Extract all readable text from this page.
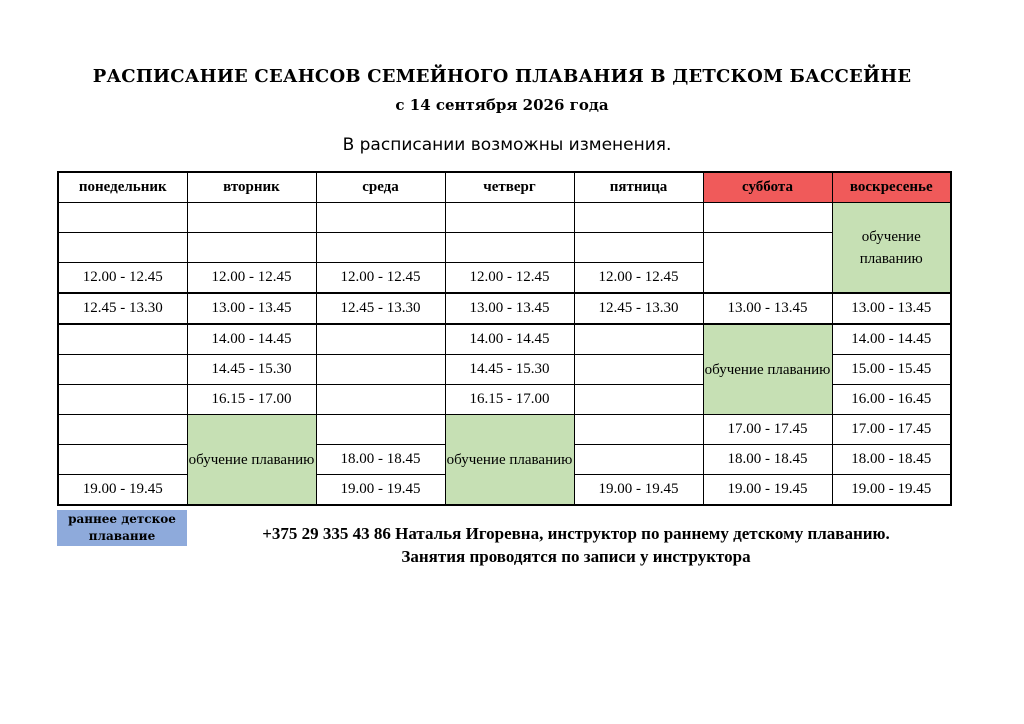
РАСПИСАНИЕ СЕАНСОВ СЕМЕЙНОГО ПЛАВАНИЯ В ДЕТСКОМ БАССЕЙНЕ
с 14 сентября 2026 года
В расписании возможны изменения.
понедельник	вторник	среда	четверг	пятница	суббота	воскресенье
						обучение плаванию

12.00 - 12.45	12.00 - 12.45	12.00 - 12.45	12.00 - 12.45	12.00 - 12.45		
12.45 - 13.30	13.00 - 13.45	12.45 - 13.30	13.00 - 13.45	12.45 - 13.30	13.00 - 13.45	13.00 - 13.45
	14.00 - 14.45		14.00 - 14.45		обучение плаванию	14.00 - 14.45
	14.45 - 15.30		14.45 - 15.30			15.00 - 15.45
	16.15 - 17.00		16.15 - 17.00			16.00 - 16.45
	обучение плаванию		обучение плаванию		17.00 - 17.45	17.00 - 17.45
		18.00 - 18.45			18.00 - 18.45	18.00 - 18.45
19.00 - 19.45		19.00 - 19.45		19.00 - 19.45	19.00 - 19.45	19.00 - 19.45
раннее детское плавание	+375 29 335 43 86 Наталья Игоревна, инструктор по раннему детскому плаванию.
Занятия проводятся по записи у инструктора
